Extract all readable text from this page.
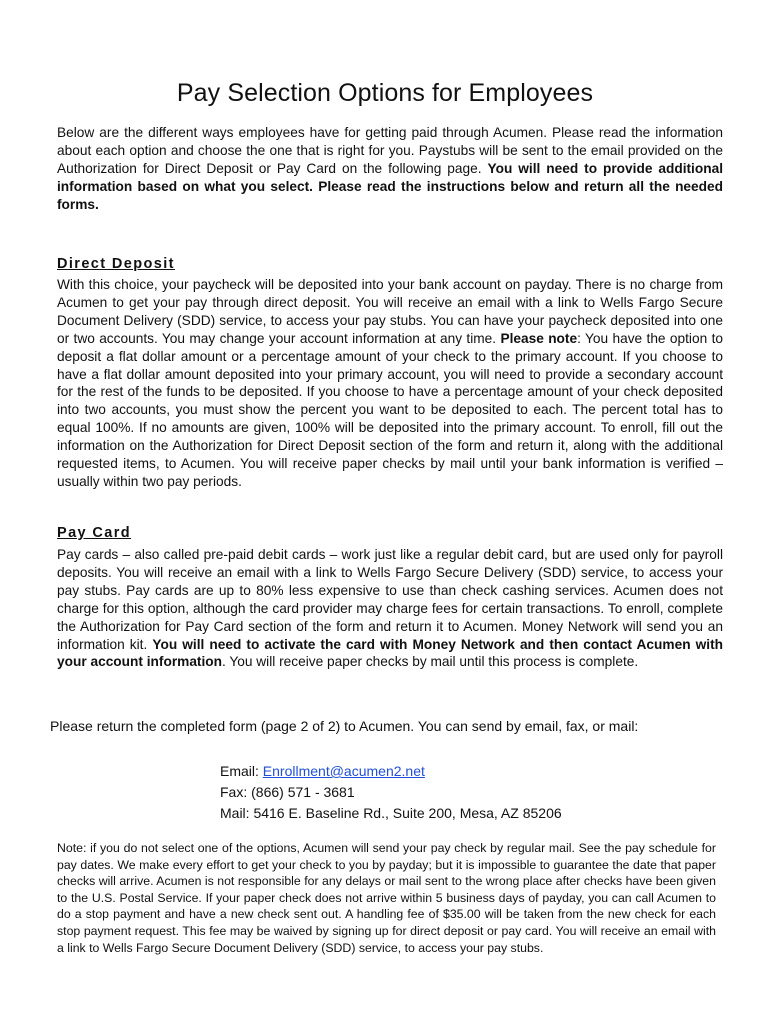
Pay Selection Options for Employees
Below are the different ways employees have for getting paid through Acumen. Please read the information about each option and choose the one that is right for you. Paystubs will be sent to the email provided on the Authorization for Direct Deposit or Pay Card on the following page. You will need to provide additional information based on what you select. Please read the instructions below and return all the needed forms.
Direct Deposit
With this choice, your paycheck will be deposited into your bank account on payday. There is no charge from Acumen to get your pay through direct deposit. You will receive an email with a link to Wells Fargo Secure Document Delivery (SDD) service, to access your pay stubs. You can have your paycheck deposited into one or two accounts. You may change your account information at any time. Please note: You have the option to deposit a flat dollar amount or a percentage amount of your check to the primary account. If you choose to have a flat dollar amount deposited into your primary account, you will need to provide a secondary account for the rest of the funds to be deposited. If you choose to have a percentage amount of your check deposited into two accounts, you must show the percent you want to be deposited to each. The percent total has to equal 100%. If no amounts are given, 100% will be deposited into the primary account. To enroll, fill out the information on the Authorization for Direct Deposit section of the form and return it, along with the additional requested items, to Acumen. You will receive paper checks by mail until your bank information is verified – usually within two pay periods.
Pay Card
Pay cards – also called pre-paid debit cards – work just like a regular debit card, but are used only for payroll deposits. You will receive an email with a link to Wells Fargo Secure Delivery (SDD) service, to access your pay stubs. Pay cards are up to 80% less expensive to use than check cashing services. Acumen does not charge for this option, although the card provider may charge fees for certain transactions. To enroll, complete the Authorization for Pay Card section of the form and return it to Acumen. Money Network will send you an information kit. You will need to activate the card with Money Network and then contact Acumen with your account information. You will receive paper checks by mail until this process is complete.
Please return the completed form (page 2 of 2) to Acumen. You can send by email, fax, or mail:
Email: Enrollment@acumen2.net
Fax: (866) 571 - 3681
Mail: 5416 E. Baseline Rd., Suite 200, Mesa, AZ 85206
Note: if you do not select one of the options, Acumen will send your pay check by regular mail. See the pay schedule for pay dates. We make every effort to get your check to you by payday; but it is impossible to guarantee the date that paper checks will arrive. Acumen is not responsible for any delays or mail sent to the wrong place after checks have been given to the U.S. Postal Service. If your paper check does not arrive within 5 business days of payday, you can call Acumen to do a stop payment and have a new check sent out. A handling fee of $35.00 will be taken from the new check for each stop payment request. This fee may be waived by signing up for direct deposit or pay card. You will receive an email with a link to Wells Fargo Secure Document Delivery (SDD) service, to access your pay stubs.
